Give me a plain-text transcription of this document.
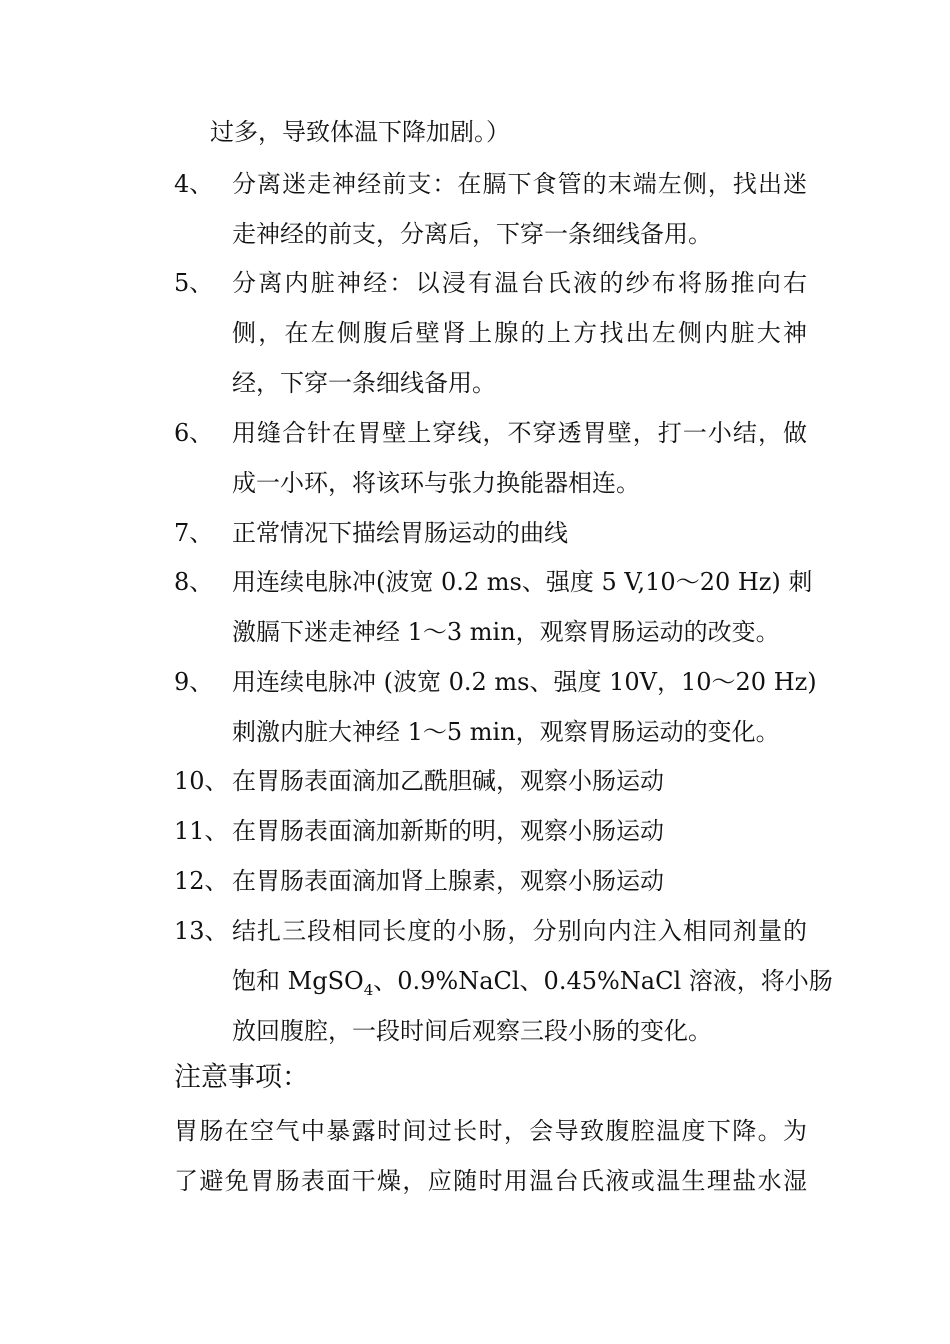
过多，导致体温下降加剧。）
4、 分离迷走神经前支：在膈下食管的末端左侧，找出迷
走神经的前支，分离后，下穿一条细线备用。
5、 分离内脏神经：以浸有温台氏液的纱布将肠推向右
侧，在左侧腹后壁肾上腺的上方找出左侧内脏大神
经，下穿一条细线备用。
6、 用缝合针在胃壁上穿线，不穿透胃壁，打一小结，做
成一小环，将该环与张力换能器相连。
7、 正常情况下描绘胃肠运动的曲线
8、 用连续电脉冲(波宽 0.2 ms、强度 5 V,10～20 Hz) 刺
激膈下迷走神经 1～3 min，观察胃肠运动的改变。
9、 用连续电脉冲 (波宽 0.2 ms、强度 10V，10～20 Hz)
刺激内脏大神经 1～5 min，观察胃肠运动的变化。
10、 在胃肠表面滴加乙酰胆碱，观察小肠运动
11、 在胃肠表面滴加新斯的明，观察小肠运动
12、 在胃肠表面滴加肾上腺素，观察小肠运动
13、 结扎三段相同长度的小肠，分别向内注入相同剂量的
饱和 MgSO$_4$、0.9%NaCl、0.45%NaCl 溶液，将小肠
放回腹腔，一段时间后观察三段小肠的变化。
注意事项：
胃肠在空气中暴露时间过长时，会导致腹腔温度下降。为
了避免胃肠表面干燥，应随时用温台氏液或温生理盐水湿
